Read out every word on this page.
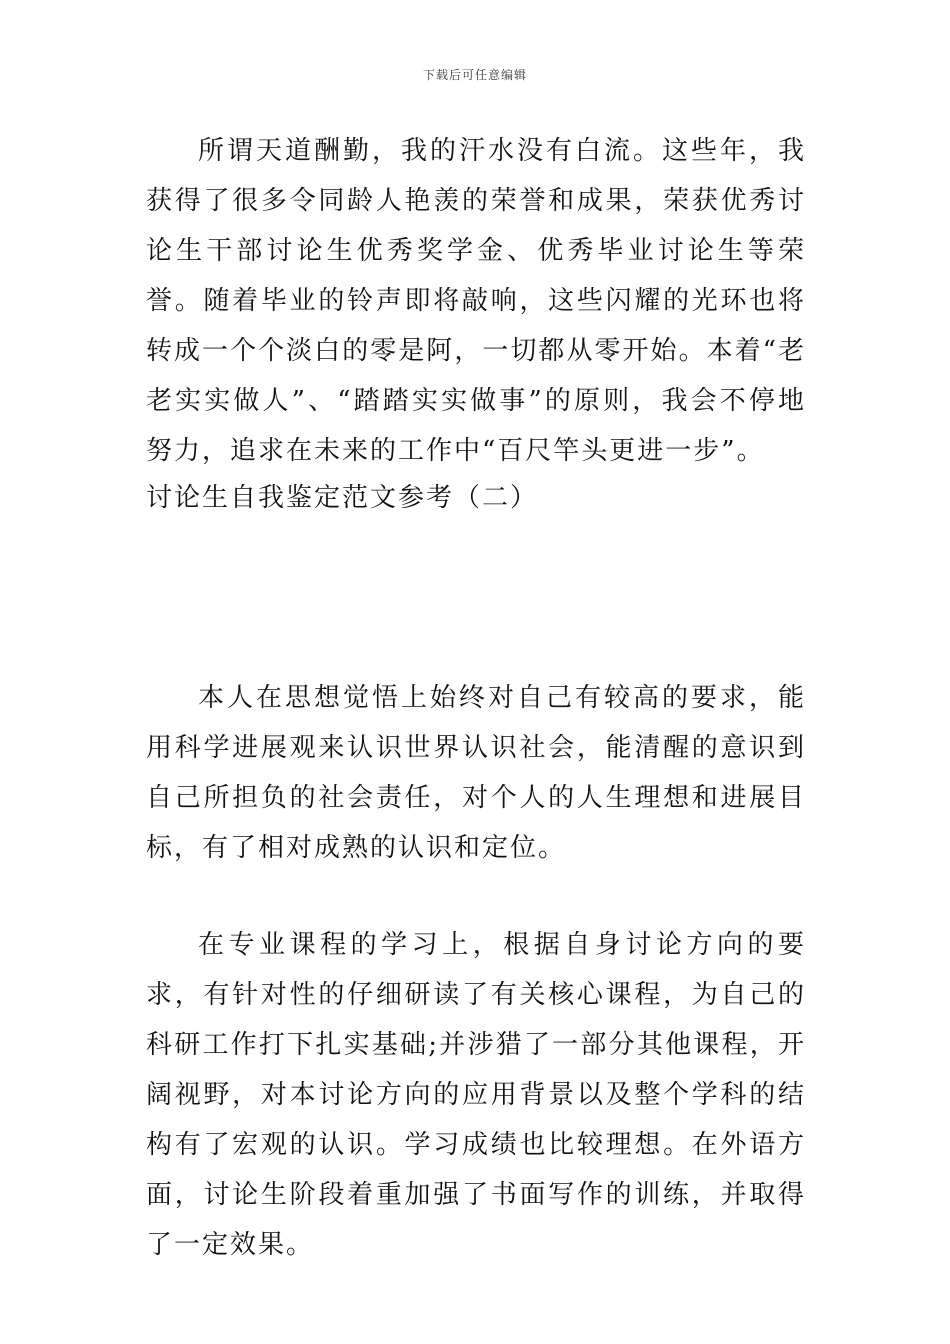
下载后可任意编辑

所谓天道酬勤，我的汗水没有白流。这些年，我获得了很多令同龄人艳羡的荣誉和成果，荣获优秀讨论生干部讨论生优秀奖学金、优秀毕业讨论生等荣誉。随着毕业的铃声即将敲响，这些闪耀的光环也将转成一个个淡白的零是阿，一切都从零开始。本着“老老实实做人”、“踏踏实实做事”的原则，我会不停地努力，追求在未来的工作中“百尺竿头更进一步”。

讨论生自我鉴定范文参考（二）

本人在思想觉悟上始终对自己有较高的要求，能用科学进展观来认识世界认识社会，能清醒的意识到自己所担负的社会责任，对个人的人生理想和进展目标，有了相对成熟的认识和定位。

在专业课程的学习上，根据自身讨论方向的要求，有针对性的仔细研读了有关核心课程，为自己的科研工作打下扎实基础;并涉猎了一部分其他课程，开阔视野，对本讨论方向的应用背景以及整个学科的结构有了宏观的认识。学习成绩也比较理想。在外语方面，讨论生阶段着重加强了书面写作的训练，并取得了一定效果。
